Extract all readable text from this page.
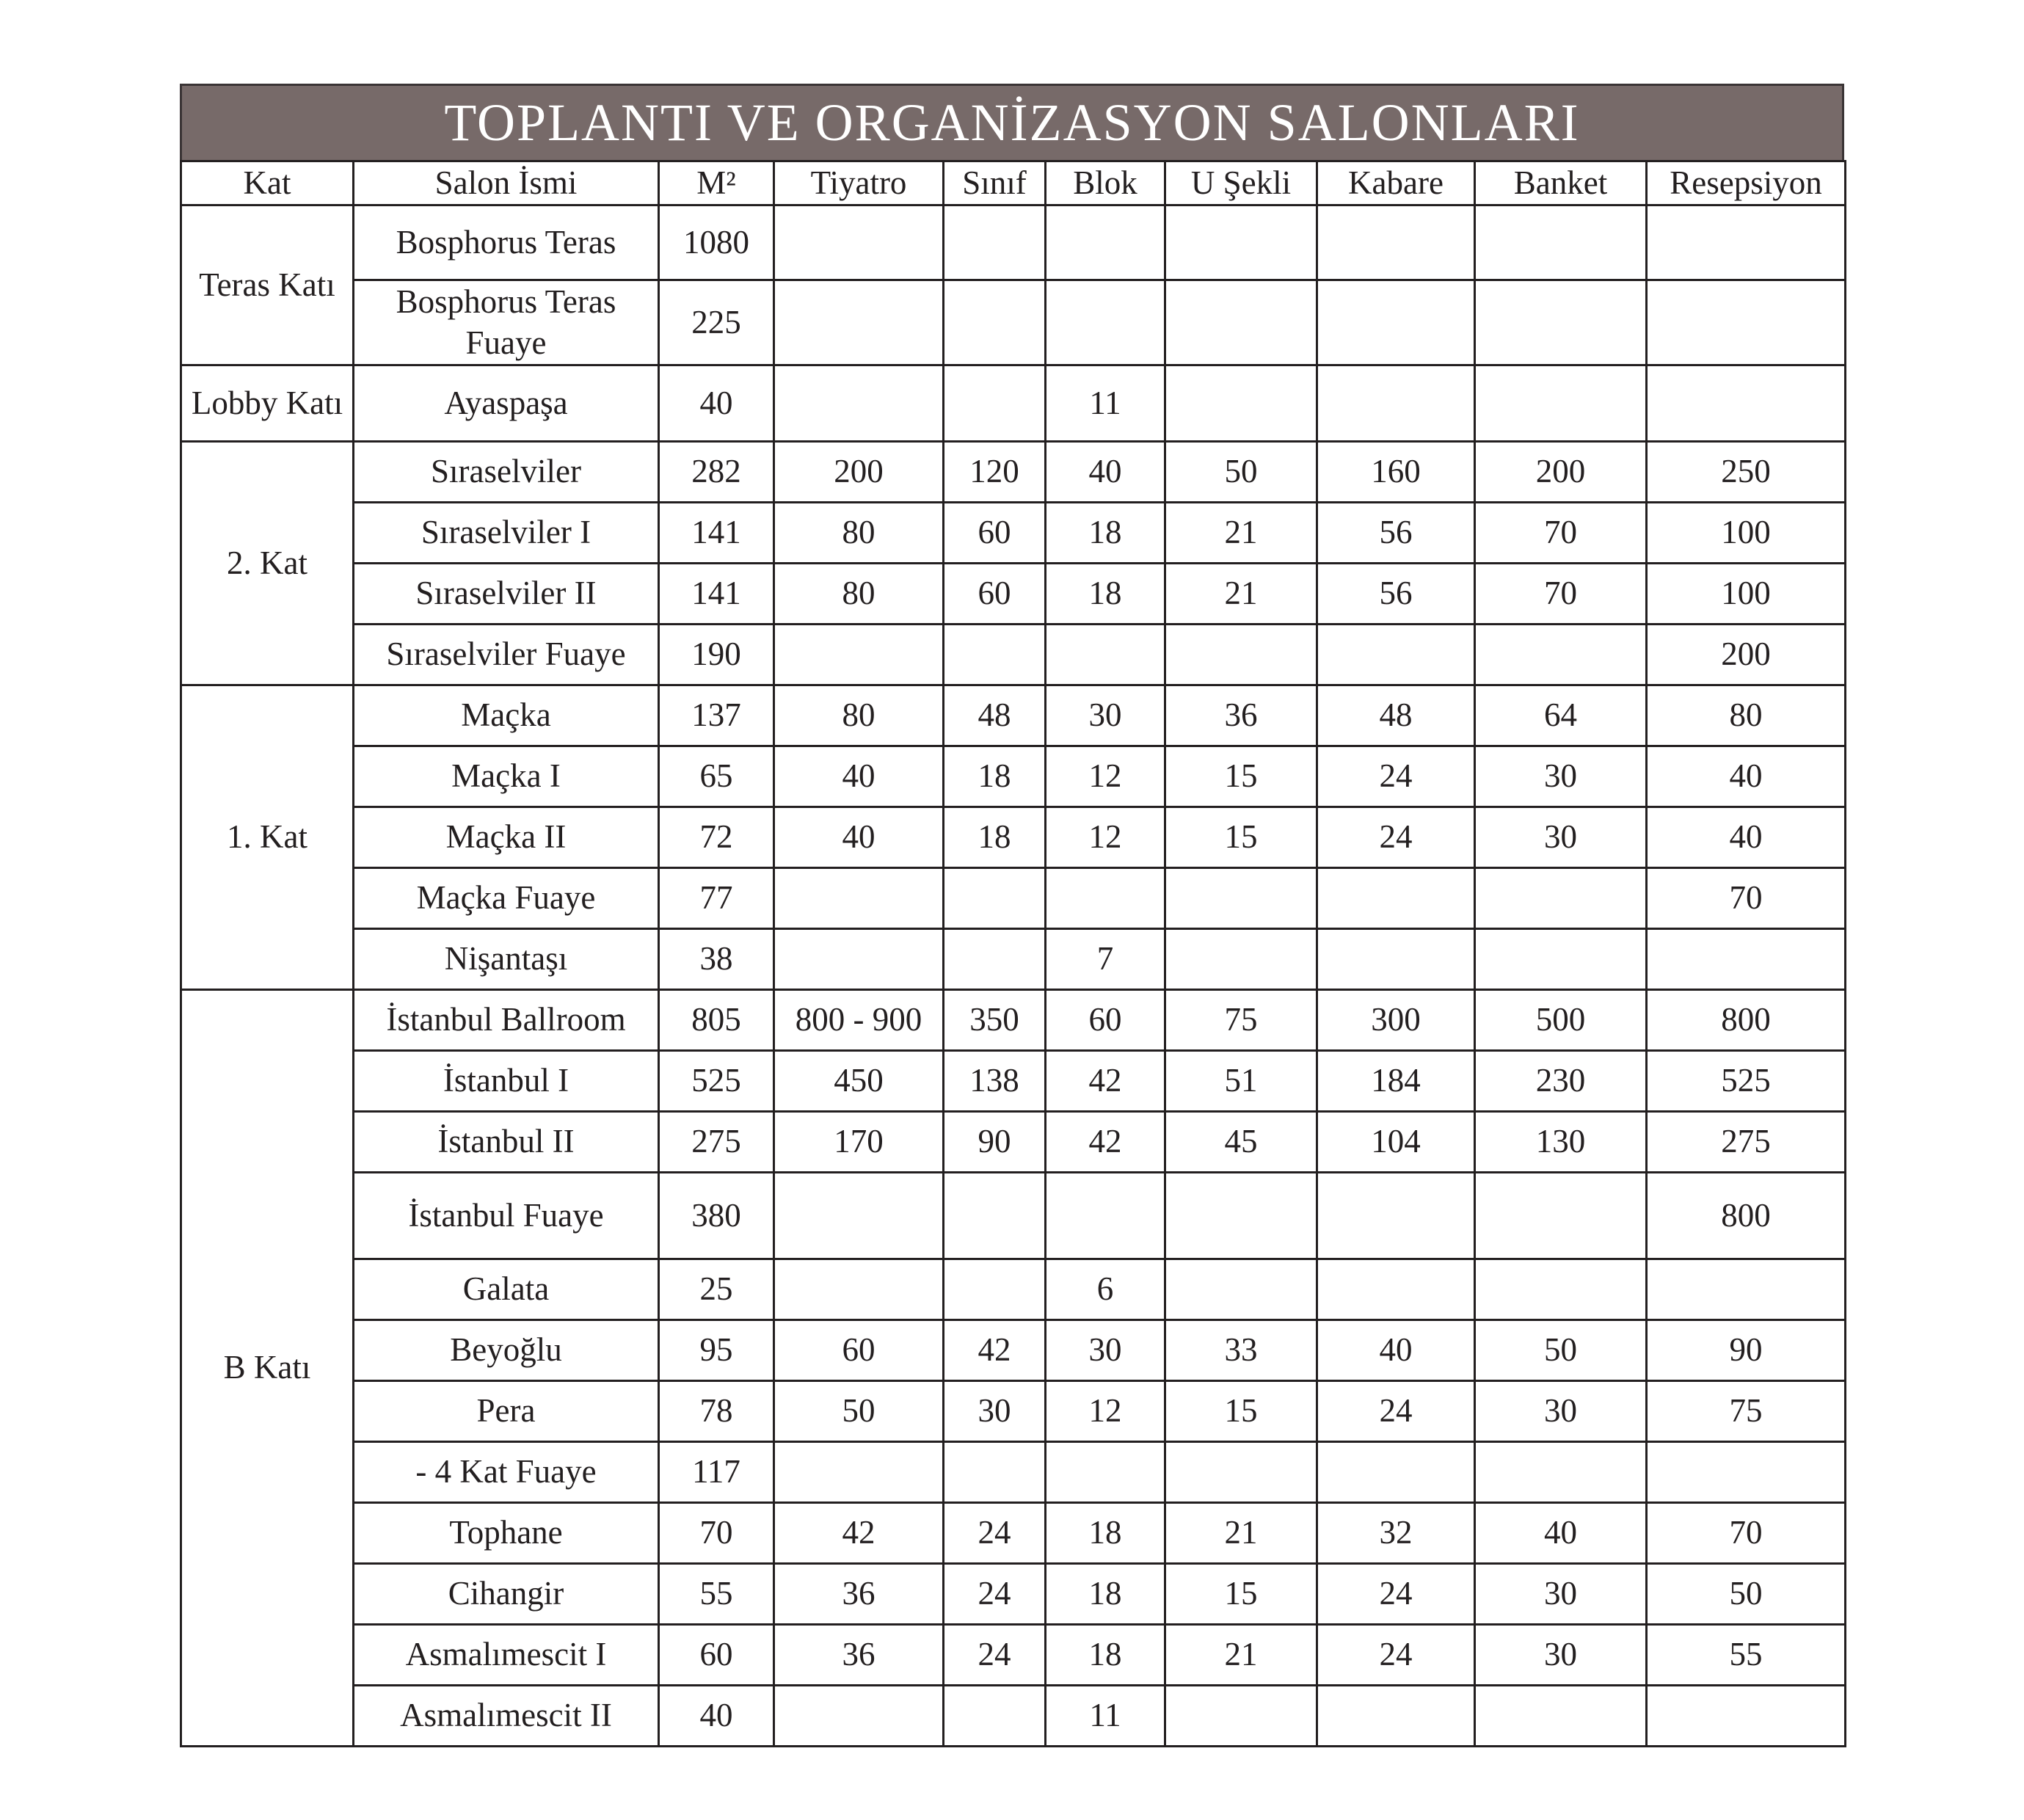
TOPLANTI VE ORGANİZASYON SALONLARI
Kat	Salon İsmi	M²	Tiyatro	Sınıf	Blok	U Şekli	Kabare	Banket	Resepsiyon
Teras Katı	Bosphorus Teras	1080							
	Bosphorus Teras Fuaye	225							
Lobby Katı	Ayaspaşa	40			11				
2. Kat	Sıraselviler	282	200	120	40	50	160	200	250
	Sıraselviler I	141	80	60	18	21	56	70	100
	Sıraselviler II	141	80	60	18	21	56	70	100
	Sıraselviler Fuaye	190							200
1. Kat	Maçka	137	80	48	30	36	48	64	80
	Maçka I	65	40	18	12	15	24	30	40
	Maçka II	72	40	18	12	15	24	30	40
	Maçka Fuaye	77							70
	Nişantaşı	38			7				
B Katı	İstanbul Ballroom	805	800 - 900	350	60	75	300	500	800
	İstanbul I	525	450	138	42	51	184	230	525
	İstanbul II	275	170	90	42	45	104	130	275
	İstanbul Fuaye	380							800
	Galata	25			6				
	Beyoğlu	95	60	42	30	33	40	50	90
	Pera	78	50	30	12	15	24	30	75
	- 4 Kat Fuaye	117							
	Tophane	70	42	24	18	21	32	40	70
	Cihangir	55	36	24	18	15	24	30	50
	Asmalımescit I	60	36	24	18	21	24	30	55
	Asmalımescit II	40			11				
